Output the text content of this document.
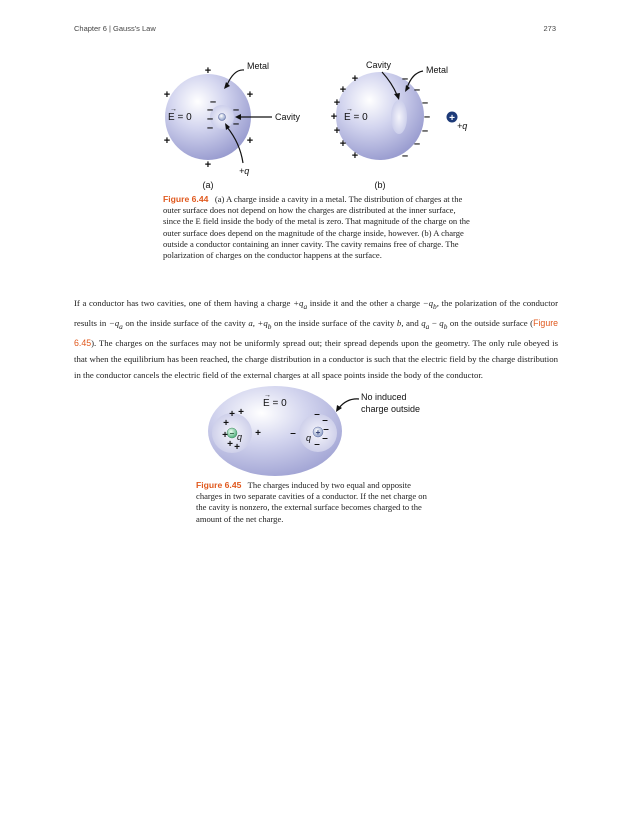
Chapter 6 | Gauss's Law	273
+
+	+
+	+
+
–
–
–
–
–
–
E = 0
→
Metal
Cavity
+q
(a)
+
+
+
+
+
+
+
–
–
–
–
–
–
–
E = 0
→
Cavity	Metal
+
+q
(b)
Figure 6.44 (a) A charge inside a cavity in a metal. The distribution of charges at the outer surface does not depend on how the charges are distributed at the inner surface, since the E field inside the body of the metal is zero. That magnitude of the charge on the outer surface does depend on the magnitude of the charge inside, however. (b) A charge outside a conductor containing an inner cavity. The cavity remains free of charge. The polarization of charges on the conductor happens at the surface.
If a conductor has two cavities, one of them having a charge $+q_a$ inside it and the other a charge $-q_b$, the polarization of the conductor results in $-q_a$ on the inside surface of the cavity a, $+q_b$ on the inside surface of the cavity b, and $q_a - q_b$ on the outside surface (Figure 6.45). The charges on the surfaces may not be uniformly spread out; their spread depends upon the geometry. The only rule obeyed is that when the equilibrium has been reached, the charge distribution in a conductor is such that the electric field by the charge distribution in the conductor cancels the electric field of the external charges at all space points inside the body of the conductor.
–	+
+ +
+
+
+ +
+
–
–
–
–
–
–
q	q
E = 0
→	No induced
charge outside
Figure 6.45 The charges induced by two equal and opposite charges in two separate cavities of a conductor. If the net charge on the cavity is nonzero, the external surface becomes charged to the amount of the net charge.
